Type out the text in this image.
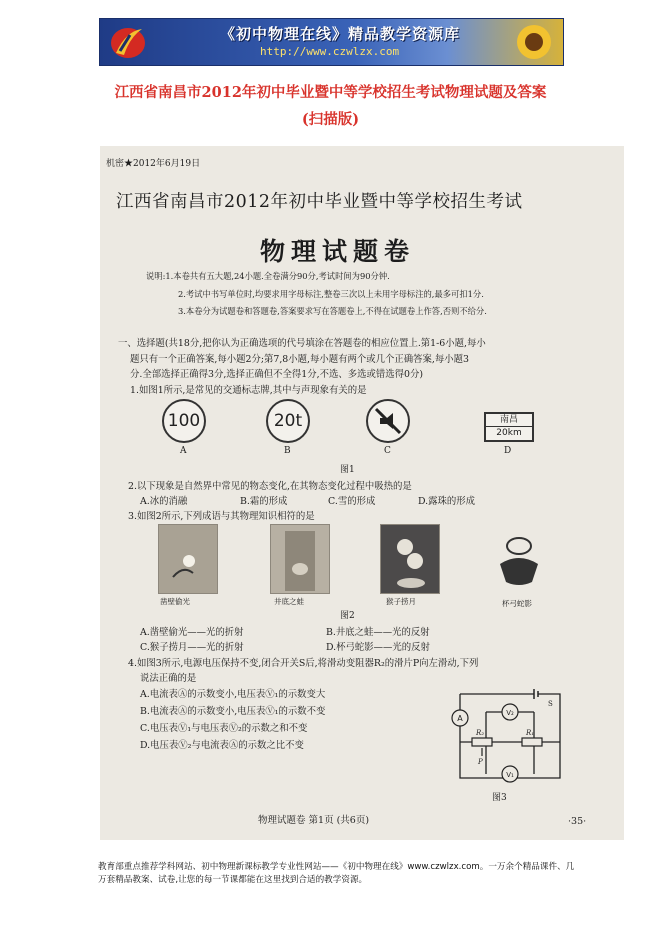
《初中物理在线》精品教学资源库
http://www.czwlzx.com
江西省南昌市2012年初中毕业暨中等学校招生考试物理试题及答案
(扫描版)
机密★2012年6月19日
江西省南昌市2012年初中毕业暨中等学校招生考试
物理试题卷
说明:1.本卷共有五大题,24小题.全卷满分90分,考试时间为90分钟.
2.考试中书写单位时,均要求用字母标注,整卷三次以上未用字母标注的,最多可扣1分.
3.本卷分为试题卷和答题卷,答案要求写在答题卷上,不得在试题卷上作答,否则不给分.
一、选择题(共18分,把你认为正确选项的代号填涂在答题卷的相应位置上.第1-6小题,每小
题只有一个正确答案,每小题2分;第7,8小题,每小题有两个或几个正确答案,每小题3
分.全部选择正确得3分,选择正确但不全得1分,不选、多选或错选得0分)
1.如图1所示,是常见的交通标志牌,其中与声现象有关的是
100	20t	南昌
20km
A	B	C	D
图1
2.以下现象是自然界中常见的物态变化,在其物态变化过程中吸热的是
A.冰的消融	B.霜的形成	C.雪的形成	D.露珠的形成
3.如图2所示,下列成语与其物理知识相符的是
凿壁偷光	井底之蛙	猴子捞月	杯弓蛇影
图2
A.凿壁偷光——光的折射	B.井底之蛙——光的反射
C.猴子捞月——光的折射	D.杯弓蛇影——光的反射
4.如图3所示,电源电压保持不变,闭合开关S后,将滑动变阻器R₂的滑片P向左滑动,下列
说法正确的是
A.电流表Ⓐ的示数变小,电压表Ⓥ₁的示数变大
B.电流表Ⓐ的示数变小,电压表Ⓥ₁的示数不变
C.电压表Ⓥ₁与电压表Ⓥ₂的示数之和不变
D.电压表Ⓥ₂与电流表Ⓐ的示数之比不变
A
V₂
V₁
R₂	R₁
P
S
图3
物理试题卷 第1页 (共6页)	·35·
教育部重点推荐学科网站、初中物理新课标教学专业性网站——《初中物理在线》www.czwlzx.com。一万余个精品课件、几万套精品教案、试卷,让您的每一节课都能在这里找到合适的教学资源。
